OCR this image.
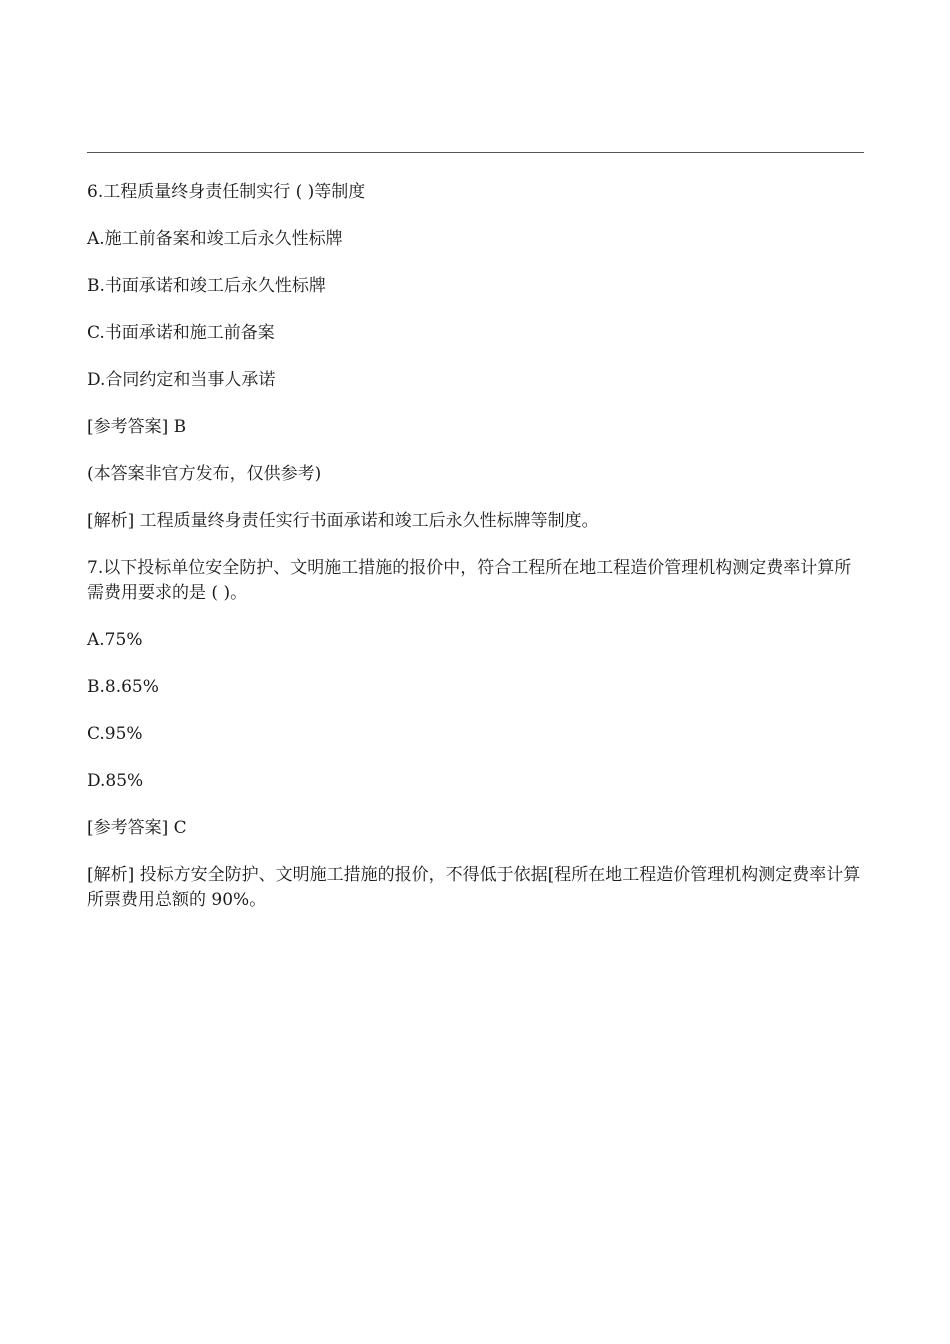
6.工程质量终身责任制实行 ( )等制度

A.施工前备案和竣工后永久性标牌

B.书面承诺和竣工后永久性标牌

C.书面承诺和施工前备案

D.合同约定和当事人承诺

[参考答案] B

(本答案非官方发布，仅供参考)

[解析] 工程质量终身责任实行书面承诺和竣工后永久性标牌等制度。

7.以下投标单位安全防护、文明施工措施的报价中，符合工程所在地工程造价管理机构测定费率计算所需费用要求的是 ( )。

A.75%

B.8.65%

C.95%

D.85%

[参考答案] C

[解析] 投标方安全防护、文明施工措施的报价，不得低于依据[程所在地工程造价管理机构测定费率计算所票费用总额的 90%。
